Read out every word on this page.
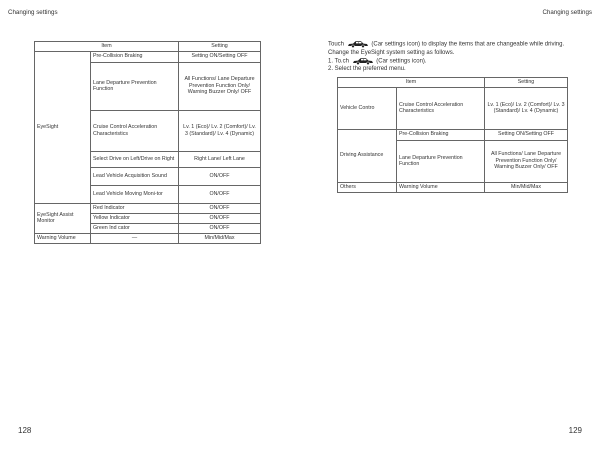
Changing settings	Changing settings
Item		Setting
EyeSight	Pre-Collision Braking	Setting ON/Setting OFF
	Lane Departure Prevention Function	All Functions/ Lane Departure Prevention Function Only/ Warning Buzzer Only/ OFF
	Cruise Control Acceleration Characteristics	Lv. 1 (Eco)/ Lv. 2 (Comfort)/ Lv. 3 (Standard)/ Lv. 4 (Dynamic)
	Select Drive on Left/Drive on Right	Right Lane/ Left Lane
	Lead Vehicle Acquisition Sound	ON/OFF
	Lead Vehicle Moving Moni-tor	ON/OFF
EyeSight Assist Monitor	Red Indicator	ON/OFF
	Yellow Indicator	ON/OFF
	Green Ind cator	ON/OFF
Warning Volume	—	Min/Mid/Max

Touch	(Car settings icon) to display the items that are changeable while driving.

Change the EyeSight system setting as follows.

1. To.ch	(Car settings icon).

2. Select the preferred menu.

Item		Setting
Vehicle Contro	Cruise Control Acceleration Characteristics	Lv. 1 (Eco)/ Lv. 2 (Comfort)/ Lv. 3 (Standard)/ Lv. 4 (Dynamic)
Driving Assistance	Pre-Collision Braking	Setting ON/Setting OFF
	Lane Departure Prevention Function	All Functions/ Lane Departure Prevention Function Only/ Warning Buzzer Only/ OFF
Others	Warning Volume	Min/Mid/Max
128	129
